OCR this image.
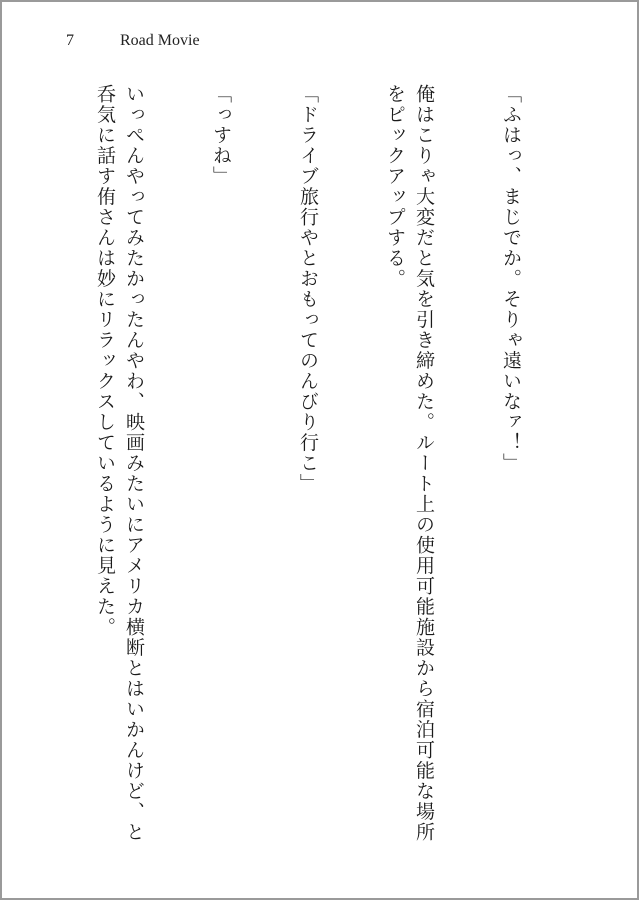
7	Road Movie

「ふはっ、まじでか。そりゃ遠いなァ！」

俺はこりゃ大変だと気を引き締めた。ルート上の使用可能施設から宿泊可能な場所をピックアップする。

「ドライブ旅行やとおもってのんびり行こ」

「っすね」

いっぺんやってみたかったんやわ、映画みたいにアメリカ横断とはいかんけど、と呑気に話す侑さんは妙にリラックスしているように見えた。
